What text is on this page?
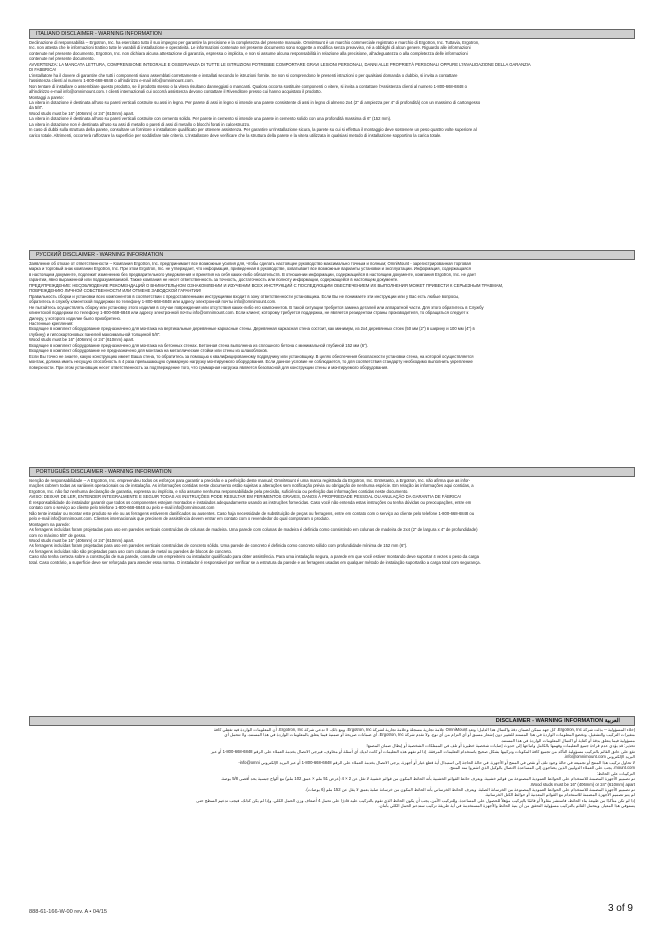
ITALIANO DISCLAIMER - WARNING INFORMATION

Declinazione di responsabilità -- Ergotron, Inc. ha esercitato tutto il suo impegno per garantire la precisione e la completezza del presente manuale. OmniMount è un marchio commerciale registrato e marchio di Ergotron, Inc. Tuttavia, Ergotron,

Inc. non attesta che le informazioni trattino tutte le varabili di installazione e operatività. Le informazioni contenute nel presente documento sono soggette a modifica senza preavviso, né a obblighi di alcun genere. Riguardo alle informazioni

contenute nel presente documento, Ergotron, Inc. non dichiara alcuna attestazione di garanzia, espressa o implicita, e non si assume alcuna responsabilità in relazione alla precisione, all'adeguatezza o alla completezza delle informazioni

contenute nel presente documento.

AVVERTENZA: LA MANCATA LETTURA, COMPRENSIONE INTEGRALE E OSSERVANZA DI TUTTE LE ISTRUZIONI POTREBBE COMPORTARE GRAVI LESIONI PERSONALI, DANNI ALLE PROPRIETÀ PERSONALI OPPURE L'INVALIDAZIONE DELLA GARANZIA

DI FABBRICA!

L'installatore ha il dovere di garantire che tutti i componenti siano assemblati correttamente e installati secondo le istruzioni fornite. Se non si comprendono le presenti istruzioni o per qualsiasi domanda o dubbio, si invita a contattare

l'assistenza clienti al numero 1-800-668-6848 o all'indirizzo e-mail info@omnimount.com.

Non tentare di installare o assemblare questo prodotto, se il prodotto stesso o la vitera risultano danneggiati o mancanti. Qualora occorra sostituire componenti o vitere, si invita a contattare l'Assistenza clienti al numero 1-800-668-6848 o

all'indirizzo e-mail info@omnimount.com. I clienti internazionali cui occorrà assistenza devono contattare il Rivenditore presso cui hanno acquistato il prodotto.

Montaggi a parete:

La vitera in dotazione è destinata all'uso su pareti verticali costruite su assi in legno. Per parete di assi in legno si intende una parete consistente di assi in legno di almeno 2x4 (2" di ampiezza per 4" di profondità) con un massimo di cartongesso

da 5/8".

Wood studs must be 16" (406mm) or 24" (610mm) apart.

La vitera in dotazione è destinata all'uso su pareti verticali costruite con cemento solido. Per parete in cemento si intende una parete in cemento solido con una profondità massima di 6" (152 mm).

La vitera in dotazione non è destinata all'uso su assi di metallo o pareti di assi di metallo o blocchi forati in calcestruzzo.

In caso di dubbi sulla struttura della parete, consultare un fornitore o installatore qualificato per ottenere assistenza. Per garantire un'installazione sicura, la parete su cui si effettua il montaggio deve sostenere un peso quattro volte superiore al

carico totale. Altrimenti, occorrerà rafforzare la superficie per soddisfare tale criterio. L'installatore deve verificare che la struttura della parete e la vitera utilizzata in qualsiasi metodo di installazione sopportino la carica totale.

РУССКИЙ DISCLAIMER - WARNING INFORMATION

Заявление об отказе от ответственности -- Компания Ergotron, Inc. предпринимает все возможные усилия для, чтобы сделать настоящее руководство максимально точным и полным; OmniMount - зарегистрированная торговая

марка и торговый знак компании Ergotron, Inc. При этом Ergotron, Inc. не утверждает, что информация, приведенная в руководстве, охватывает все возможные варианты установки и эксплуатации. Информация, содержащаяся

в настоящем документе, подлежит изменению без предварительного уведомления и принятия на себя каких-либо обязательств. В отношении информации, содержащейся в настоящем документе, компания Ergotron, Inc. не дает

гарантии, явно выраженной или подразумеваемой. Также компания не несет ответственность за точность, достаточность или полноту информации, содержащейся в настоящем документе.

ПРЕДУПРЕЖДЕНИЕ: НЕСОБЛЮДЕНИЕ РЕКОМЕНДАЦИЙ О ВНИМАТЕЛЬНОМ ОЗНАКОМЛЕНИИ И ИЗУЧЕНИИ ВСЕХ ИНСТРУКЦИЙ С ПОСЛЕДУЮЩИМ ОБЕСПЕЧЕНИЕМ ИХ ВЫПОЛНЕНИЯ МОЖЕТ ПРИВЕСТИ К СЕРЬЕЗНЫМ ТРАВМАМ,

ПОВРЕЖДЕНИЮ ЛИЧНОЙ СОБСТВЕННОСТИ ИЛИ ОТМЕНЕ ЗАВОДСКОЙ ГАРАНТИИ!

Правильность сборки и установки всех компонентов в соответствии с предоставленными инструкциями входит в зону ответственности установщика. Если Вы не понимаете эти инструкции или у Вас есть любые вопросы,

обратитесь в службу клиентской поддержки по телефону 1-800-668-6848 или адресу электронной почты info@omnimount.com.

Не пытайтесь осуществлять сборку или установку этого изделия в случае повреждения или отсутствия каких-либо его компонентов. В такой ситуации требуется замена деталей или аппаратной части. Для этого обратитесь в Службу

клиентской поддержки по телефону 1-800-668-6848 или адресу электронной почты info@omnimount.com. Если клиент, которому требуется поддержка, не является резидентом страны производителя, то обращаться следует к

Дилеру, у которого изделие было приобретено.

Настенные крепления:

Входящее в комплект оборудование предназначено для монтажа на вертикальные деревянные каркасные стены. Деревянная каркасная стена состоит, как минимум, из 2x4 деревянных стоек (50 мм (2") в ширину и 100 мм (4") в

глубину) и гипсокартоновых панелей максимальной толщиной 5/8".

Wood studs must be 16" (406mm) or 24" (610mm) apart.

Входящее в комплект оборудование предназначено для монтажа на бетонных стенах. Бетонная стена выполнена из сплошного бетона с минимальной глубиной 152 мм (6").

Входящее в комплект оборудование не предназначено для монтажа на металлические стойки или стены из шлакоблоков.

Если Вы точно не знаете, какую конструкцию имеет Ваша стена, то обратитесь за помощью к квалифицированному подрядчику или установщику. В целях обеспечения безопасности установки стена, на которой осуществляется

монтаж, должна иметь несущую способность в 4 раза превышающую суммарную нагрузку монтируемого оборудования. Если данное условие не соблюдается, то для соответствия стандарту необходимо выполнить укрепление

поверхности. При этом установщик несет ответственность за подтверждение того, что суммарная нагрузка является безопасной для конструкции стены и монтируемого оборудования.

PORTUGUÊS DISCLAIMER - WARNING INFORMATION

Isenção de responsabilidade -- A Ergotron, Inc. empreendeu todos os esforços para garantir a precisão e a perfeição deste manual; OmniMount é uma marca registrada da Ergotron, Inc. Entretanto, a Ergotron, Inc. não afirma que as infor-

mações cobrem todas as variáveis operacionais ou de instalação. As informações contidas neste documento estão sujeitas a alterações sem notificação prévia ou obrigação de nenhuma espécie. Em relação às informações aqui contidas, a

Ergotron, Inc. não faz nenhuma declaração de garantia, expressa ou implícita, e não assume nenhuma responsabilidade pela precisão, suficiência ou perfeição das informações contidas neste documento.

AVISO: DEIXAR DE LER, ENTENDER INTEGRALMENTE E SEGUIR TODAS AS INSTRUÇÕES PODE RESULTAR EM FERIMENTOS GRAVES, DANOS À PROPRIEDADE PESSOAL OU ANULAÇÃO DA GARANTIA DE FÁBRICA!

É responsabilidade do instalador garantir que todos os componentes estejam montados e instalados adequadamente usando as instruções fornecidas. Caso você não entenda estas instruções ou tenha dúvidas ou preocupações, entre em

contato com o serviço ao cliente pelo telefone 1-800-668-6848 ou pelo e-mail info@omnimount.com

Não tente instalar ou montar este produto se ele ou as ferragens estiverem danificados ou ausentes. Caso haja necessidade de substituição de peças ou ferragens, entre em contato com o serviço ao cliente pelo telefone 1-800-668-6848 ou

pelo e-mail info@omnimount.com. Clientes internacionais que precisem de assistência devem entrar em contato com o revendedor do qual compraram o produto.

Montagem na parede:

As ferragens incluídas foram projetadas para uso em paredes verticais construídas de colunas de madeira. Uma parede com colunas de madeira é definida como consistindo em colunas de madeira de 2x4 (2" de largura x 4" de profundidade)

com no máximo 5/8" de gesso.

Wood studs must be 16" (406mm) or 24" (610mm) apart.

As ferragens incluídas foram projetadas para uso em paredes verticais construídas de concreto sólido. Uma parede de concreto é definida como concreto sólido com profundidade mínima de 152 mm (6").

As ferragens incluídas não são projetadas para uso com colunas de metal ou paredes de blocos de concreto.

Caso não tenha certeza sobre a construção de sua parede, consulte um empreiteiro ou instalador qualificado para obter assistência. Para uma instalação segura, a parede em que você estiver montando deve suportar 4 vezes o peso da carga

total. Caso contrário, a superfície deve ser reforçada para atender essa norma. O instalador é responsável por verificar se a estrutura da parede e as ferragens usadas em qualquer método de instalação suportarão a carga total com segurança.

DISCLAIMER - WARNING INFORMATION العربية

إخلاء المسؤولية -- بذلت شركة Ergotron, Inc. كل جهد ممكن لضمان دقة واكتمال هذا الدليل؛ وتعد OmniMount علامة تجارية مسجلة وعلامة تجارية لشركة Ergotron, Inc. ومع ذلك، لا تدعي شركة Ergotron, Inc. أن المعلومات الواردة فيه تغطي كافة

متغيرات التركيب والتشغيل. وتخضع المعلومات الواردة في هذا المستند للتغيير دون إشعار مسبق أو أي التزام من أي نوع. ولا تقدم شركة Ergotron, Inc. أي ضمانات صريحة أو ضمنية فيما يتعلق بالمعلومات الواردة في هذا المستند، ولا تتحمل أي

مسؤولية فيما يتعلق بدقة أو كفاية أو اكتمال المعلومات الواردة في هذا المستند.

تحذير: قد يؤدي عدم قراءة جميع التعليمات وفهمها بالكامل واتباعها إلى حدوث إصابات شخصية خطيرة أو تلف في الممتلكات الشخصية أو إبطال ضمان المصنع!

تقع على عاتق القائم بالتركيب مسؤولية التأكد من تجميع كافة المكونات وتركيبها بشكل صحيح باستخدام التعليمات المرفقة. إذا لم تفهم هذه التعليمات أو كانت لديك أي أسئلة أو مخاوف، فيرجى الاتصال بخدمة العملاء على الرقم 6848-668-800-1 أو عبر

البريد الإلكتروني info@omnimount.com.

لا تحاول تركيب هذا المنتج أو تجميعه في حالة وجود تلف أو نقص في المنتج أو الأجهزة. في حالة الحاجة إلى استبدال أية قطع غيار أو أجهزة، يرجى الاتصال بخدمة العملاء على الرقم 6848-668-800-1 أو عبر البريد الإلكتروني info@omni-

mount.com. يجب على العملاء الدوليين الذين يحتاجون إلى المساعدة الاتصال بالوكيل الذي اشتروا منه المنتج.

التركيبات على الحائط:

تم تصميم الأجهزة المضمنة للاستخدام على الحوائط العمودية المصنوعة من قوائم خشبية. ويعرف حائط القوائم الخشبية بأنه الحائط المكون من قوائم خشبية لا تقل عن 2 × 4 (عرض 51 ملم × عمق 102 ملم) مع ألواح جبسية بحد أقصى 5/8 بوصة.

Wood studs must be 16" (406mm) or 24" (610mm) apart.

تم تصميم الأجهزة المضمنة للاستخدام على الحوائط العمودية المصنوعة من الخرسانة الصلبة. ويعرف الحائط الخرساني بأنه الحائط المكون من خرسانة صلبة بعمق لا يقل عن 152 ملم (6 بوصات).

لم يتم تصميم الأجهزة المضمنة للاستخدام مع القوائم المعدنية أو حوائط الكتل الخرسانية.

إذا لم تكن متأكدًا من طبيعة بناء الحائط، فاستشر مقاولاً أو قائمًا بالتركيب مؤهلاً للحصول على المساعدة. وللتركيب الآمن، يجب أن يكون الحائط الذي تقوم بالتركيب عليه قادرًا على تحمل 4 أضعاف وزن الحمل الكلي. وإذا لم يكن كذلك، فيجب تدعيم السطح حتى

يستوفي هذا المعيار. ويتحمل القائم بالتركيب مسؤولية التحقق من أن بنية الحائط والأجهزة المستخدمة في أية طريقة تركيب ستدعم الحمل الكلي بأمان.

888-61-166-W-00 rev. A • 04/15	3 of 9
